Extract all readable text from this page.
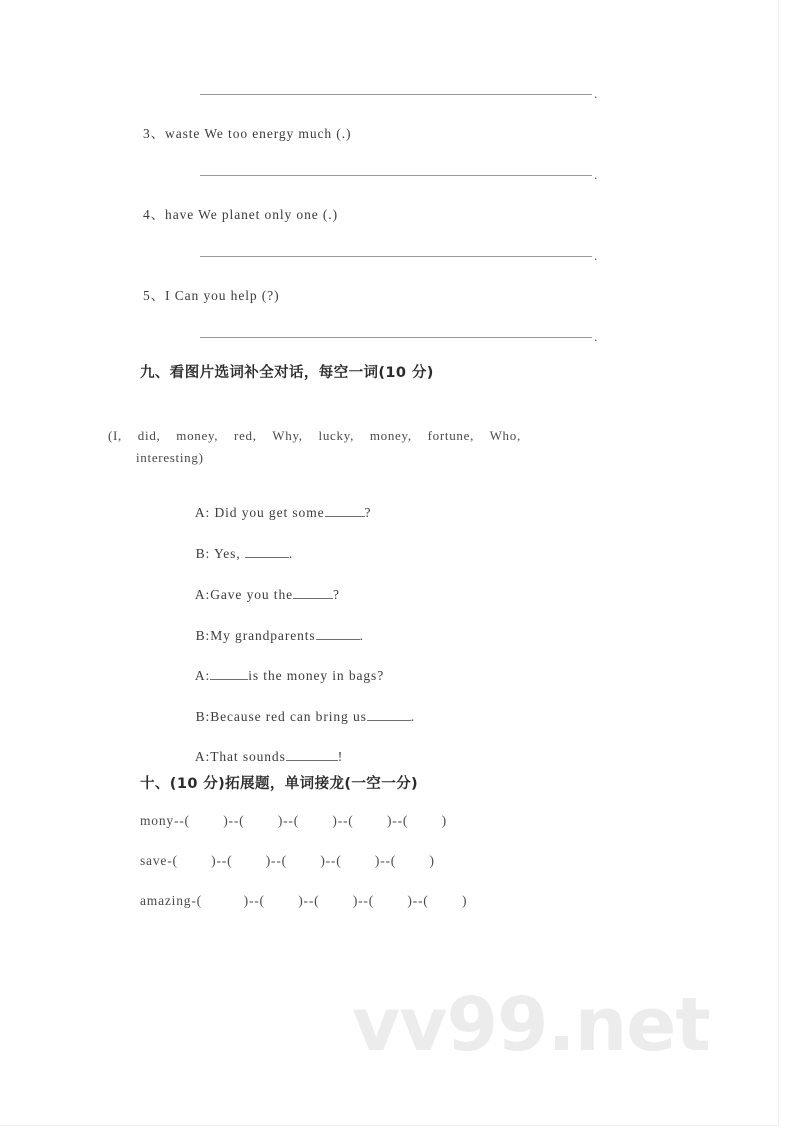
.
3、waste We too energy much (.)
.
4、have We planet only one (.)
.
5、I Can you help (?)
.
九、看图片选词补全对话，每空一词(10 分)
(I,    did,    money,    red,    Why,    lucky,    money,    fortune,    Who,
interesting)

A: Did you get some	?

B: Yes,	.

A:Gave you the	?

B:My grandparents	.

A:	is the money in bags?

B:Because red can bring us	.

A:That sounds	!

十、(10 分)拓展题，单词接龙(一空一分)
mony--(        )--(        )--(        )--(        )--(        )
save-(        )--(        )--(        )--(        )--(        )
amazing-(          )--(        )--(        )--(        )--(        )
vv99.net
